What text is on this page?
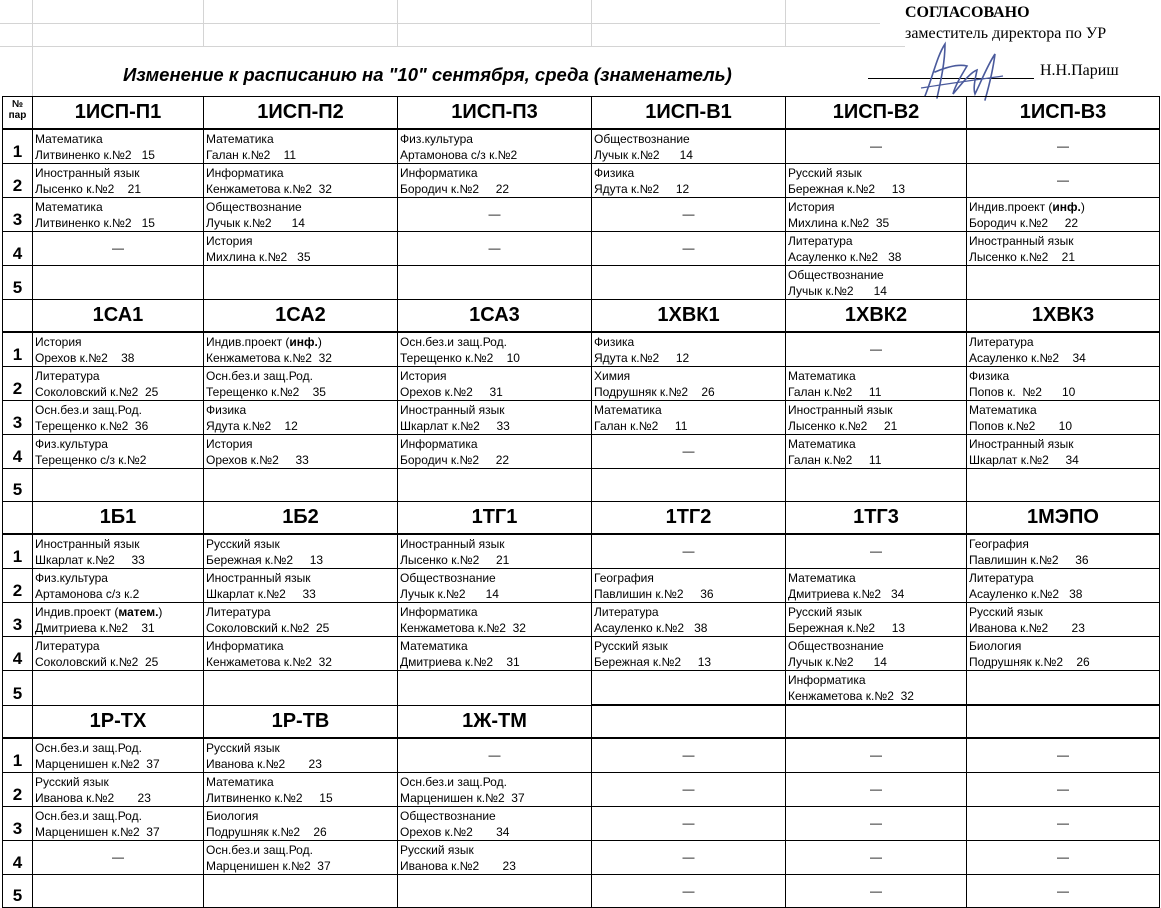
Изменение к расписанию на "10" сентября, среда (знаменатель)
СОГЛАСОВАНО
заместитель директора по УР
Н.Н.Париш
№
пар	1ИСП-П1	1ИСП-П2	1ИСП-П3	1ИСП-В1	1ИСП-В2	1ИСП-В3

1	Математика
Литвиненко к.№2   15	Математика
Галан к.№2    11	Физ.культура
Артамонова с/з к.№2	Обществознание
Лучык к.№2      14	—	—

2	Иностранный язык
Лысенко к.№2    21	Информатика
Кенжаметова к.№2  32	Информатика
Бородич к.№2     22	Физика
Ядута к.№2     12	Русский язык
Бережная к.№2     13	—

3	Математика
Литвиненко к.№2   15	Обществознание
Лучык к.№2      14	—	—	История
Михлина к.№2  35	Индив.проект (инф.)
Бородич к.№2     22

4	—	История
Михлина к.№2   35	—	—	Литература
Асауленко к.№2   38	Иностранный язык
Лысенко к.№2    21

5					Обществознание
Лучык к.№2      14	

	1СА1	1СА2	1СА3	1ХВК1	1ХВК2	1ХВК3

1	История
Орехов к.№2    38	Индив.проект (инф.)
Кенжаметова к.№2  32	Осн.без.и защ.Род.
Терещенко к.№2    10	Физика
Ядута к.№2     12	—	Литература
Асауленко к.№2    34

2	Литература
Соколовский к.№2  25	Осн.без.и защ.Род.
Терещенко к.№2    35	История
Орехов к.№2     31	Химия
Подрушняк к.№2    26	Математика
Галан к.№2     11	Физика
Попов к.  №2      10

3	Осн.без.и защ.Род.
Терещенко к.№2  36	Физика
Ядута к.№2    12	Иностранный язык
Шкарлат к.№2     33	Математика
Галан к.№2     11	Иностранный язык
Лысенко к.№2     21	Математика
Попов к.№2       10

4	Физ.культура
Терещенко с/з к.№2	История
Орехов к.№2     33	Информатика
Бородич к.№2     22	—	Математика
Галан к.№2     11	Иностранный язык
Шкарлат к.№2     34

5						

	1Б1	1Б2	1ТГ1	1ТГ2	1ТГ3	1МЭПО

1	Иностранный язык
Шкарлат к.№2     33	Русский язык
Бережная к.№2     13	Иностранный язык
Лысенко к.№2     21	—	—	География
Павлишин к.№2     36

2	Физ.культура
Артамонова с/з к.2	Иностранный язык
Шкарлат к.№2     33	Обществознание
Лучык к.№2      14	География
Павлишин к.№2     36	Математика
Дмитриева к.№2   34	Литература
Асауленко к.№2   38

3	Индив.проект (матем.)
Дмитриева к.№2    31	Литература
Соколовский к.№2  25	Информатика
Кенжаметова к.№2  32	Литература
Асауленко к.№2   38	Русский язык
Бережная к.№2     13	Русский язык
Иванова к.№2       23

4	Литература
Соколовский к.№2  25	Информатика
Кенжаметова к.№2  32	Математика
Дмитриева к.№2    31	Русский язык
Бережная к.№2     13	Обществознание
Лучык к.№2      14	Биология
Подрушняк к.№2    26

5					Информатика
Кенжаметова к.№2  32	

	1Р-ТХ	1Р-ТВ	1Ж-ТМ			

1	Осн.без.и защ.Род.
Марценишен к.№2  37	Русский язык
Иванова к.№2       23	—	—	—	—

2	Русский язык
Иванова к.№2       23	Математика
Литвиненко к.№2     15	Осн.без.и защ.Род.
Марценишен к.№2  37	—	—	—

3	Осн.без.и защ.Род.
Марценишен к.№2  37	Биология
Подрушняк к.№2    26	Обществознание
Орехов к.№2       34	—	—	—

4	—	Осн.без.и защ.Род.
Марценишен к.№2  37	Русский язык
Иванова к.№2       23	—	—	—

5				—	—	—
